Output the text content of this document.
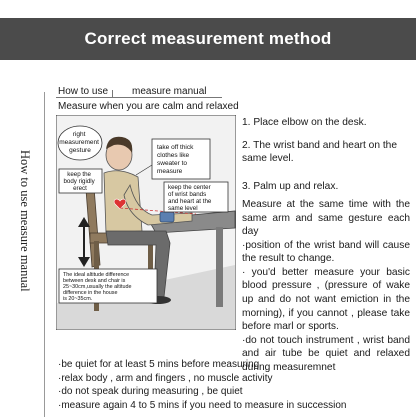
Correct measurement method
How to use measure manual
How to use measure manual
Measure when you are calm and relaxed
right measurement gesture	take off thick clothes like sweater to measure
keep the body rigidly erect	keep the center of wrist bands and heart at the same level
The ideal altitude difference between desk and chair is 25~30cm,usually the altitude difference in the house is 20~35cm.
1. Place elbow on the desk.
2. The wrist band and heart on the same level.
3. Palm up and relax.
Measure at the same time with the same arm and same gesture each day
·position of the wrist band will cause the result to change.
· you'd better measure your basic blood pressure , (pressure of wake up and do not want emiction in the morning), if you cannot , please take before marl or sports.
·do not touch instrument , wrist band and air tube be quiet and relaxed during measuremnet
·be quiet for at least 5 mins before measuring
·relax body , arm and fingers , no muscle activity
·do not speak during measuring , be quiet
·measure again 4 to 5 mins if you need to measure in succession
